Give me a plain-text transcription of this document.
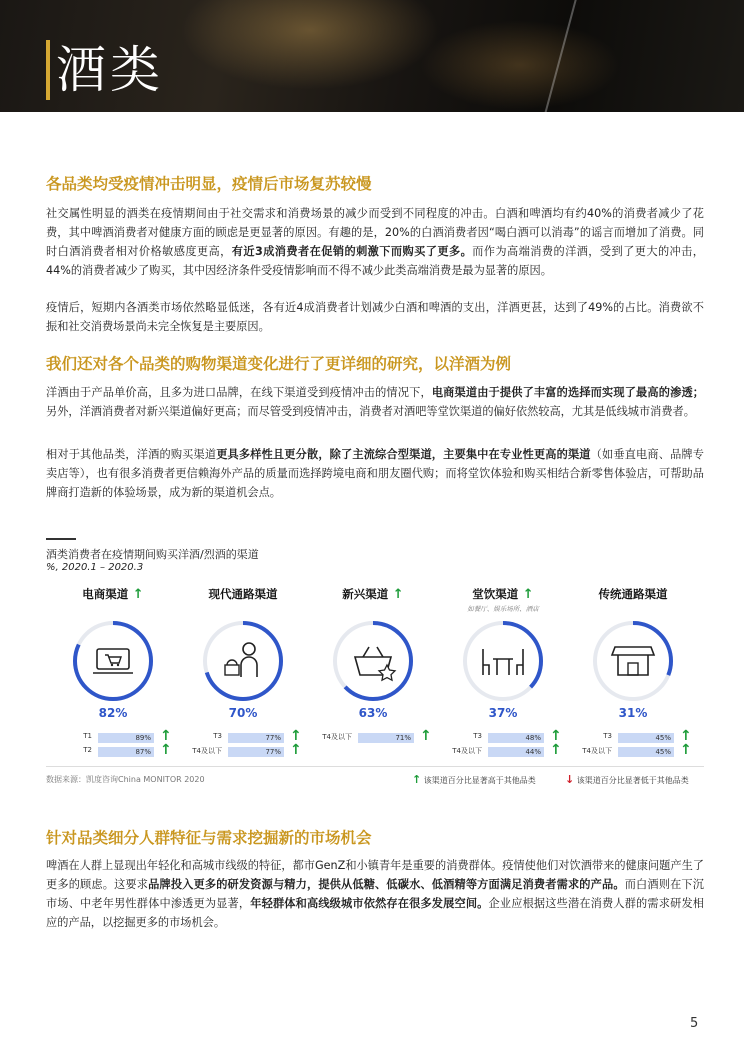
酒类
各品类均受疫情冲击明显，疫情后市场复苏较慢
社交属性明显的酒类在疫情期间由于社交需求和消费场景的减少而受到不同程度的冲击。白酒和啤酒均有约40%的消费者减少了花费，其中啤酒消费者对健康方面的顾虑是更显著的原因。有趣的是，20%的白酒消费者因“喝白酒可以消毒”的谣言而增加了消费。同时白酒消费者相对价格敏感度更高，有近3成消费者在促销的刺激下而购买了更多。而作为高端消费的洋酒，受到了更大的冲击，44%的消费者减少了购买，其中因经济条件受疫情影响而不得不减少此类高端消费是最为显著的原因。
疫情后，短期内各酒类市场依然略显低迷，各有近4成消费者计划减少白酒和啤酒的支出，洋酒更甚，达到了49%的占比。消费欲不振和社交消费场景尚未完全恢复是主要原因。
我们还对各个品类的购物渠道变化进行了更详细的研究，以洋酒为例
洋酒由于产品单价高，且多为进口品牌，在线下渠道受到疫情冲击的情况下，电商渠道由于提供了丰富的选择而实现了最高的渗透；另外，洋酒消费者对新兴渠道偏好更高；而尽管受到疫情冲击，消费者对酒吧等堂饮渠道的偏好依然较高，尤其是低线城市消费者。
相对于其他品类，洋酒的购买渠道更具多样性且更分散，除了主流综合型渠道，主要集中在专业性更高的渠道（如垂直电商、品牌专卖店等），也有很多消费者更信赖海外产品的质量而选择跨境电商和朋友圈代购；而将堂饮体验和购买相结合新零售体验店，可帮助品牌商打造新的体验场景，成为新的渠道机会点。
酒类消费者在疫情期间购买洋酒/烈酒的渠道
%, 2020.1 – 2020.3
电商渠道 ↑
82%
T1	89% ↑
T2	87% ↑
现代通路渠道
70%
T3	77% ↑
T4及以下	77% ↑
新兴渠道 ↑
63%
T4及以下	71% ↑
堂饮渠道 ↑
如餐厅、娱乐场所、酒店
37%
T3	48% ↑
T4及以下	44% ↑
传统通路渠道
31%
T3	45% ↑
T4及以下	45% ↑
数据来源：凯度咨询China MONITOR 2020	↑ 该渠道百分比显著高于其他品类	↓ 该渠道百分比显著低于其他品类
针对品类细分人群特征与需求挖掘新的市场机会
啤酒在人群上显现出年轻化和高城市线级的特征，都市GenZ和小镇青年是重要的消费群体。疫情使他们对饮酒带来的健康问题产生了更多的顾虑。这要求品牌投入更多的研发资源与精力，提供从低糖、低碳水、低酒精等方面满足消费者需求的产品。而白酒则在下沉市场、中老年男性群体中渗透更为显著，年轻群体和高线级城市依然存在很多发展空间。企业应根据这些潜在消费人群的需求研发相应的产品，以挖掘更多的市场机会。
5
